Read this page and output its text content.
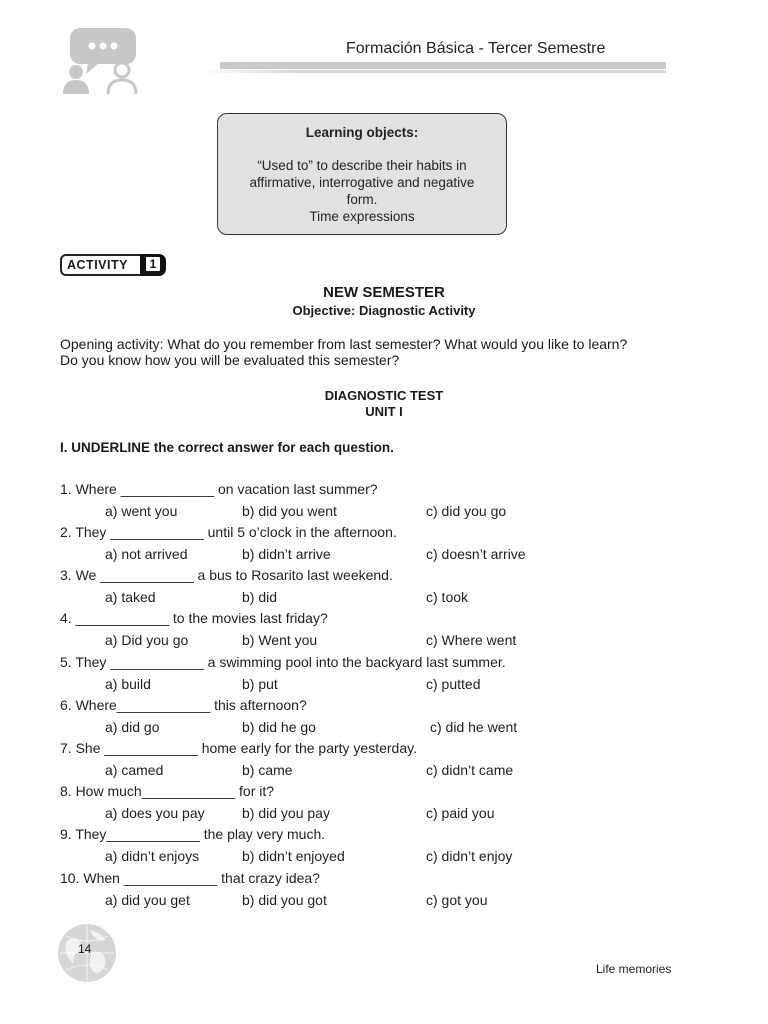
Formación Básica - Tercer Semestre
Learning objects:
“Used to” to describe their habits in
affirmative, interrogative and negative
form.
Time expressions
ACTIVITY	1
NEW SEMESTER
Objective: Diagnostic Activity
Opening activity: What do you remember from last semester? What would you like to learn?
Do you know how you will be evaluated this semester?
DIAGNOSTIC TEST
UNIT I
I. UNDERLINE the correct answer for each question.
1. Where ____________ on vacation last summer?
a) went you	b) did you went	c) did you go
2. They ____________ until 5 o’clock in the afternoon.
a) not arrived	b) didn’t arrive	c) doesn’t arrive
3. We ____________ a bus to Rosarito last weekend.
a) taked	b) did	c) took
4. ____________ to the movies last friday?
a) Did you go	b) Went you	c) Where went
5. They ____________ a swimming pool into the backyard last summer.
a) build	b) put	c) putted
6. Where____________ this afternoon?
a) did go	b) did he go	c) did he went
7. She ____________ home early for the party yesterday.
a) camed	b) came	c) didn’t came
8. How much____________ for it?
a) does you pay	b) did you pay	c) paid you
9. They____________ the play very much.
a) didn’t enjoys	b) didn’t enjoyed	c) didn’t enjoy
10. When ____________ that crazy idea?
a) did you get	b) did you got	c) got you
14
Life memories
